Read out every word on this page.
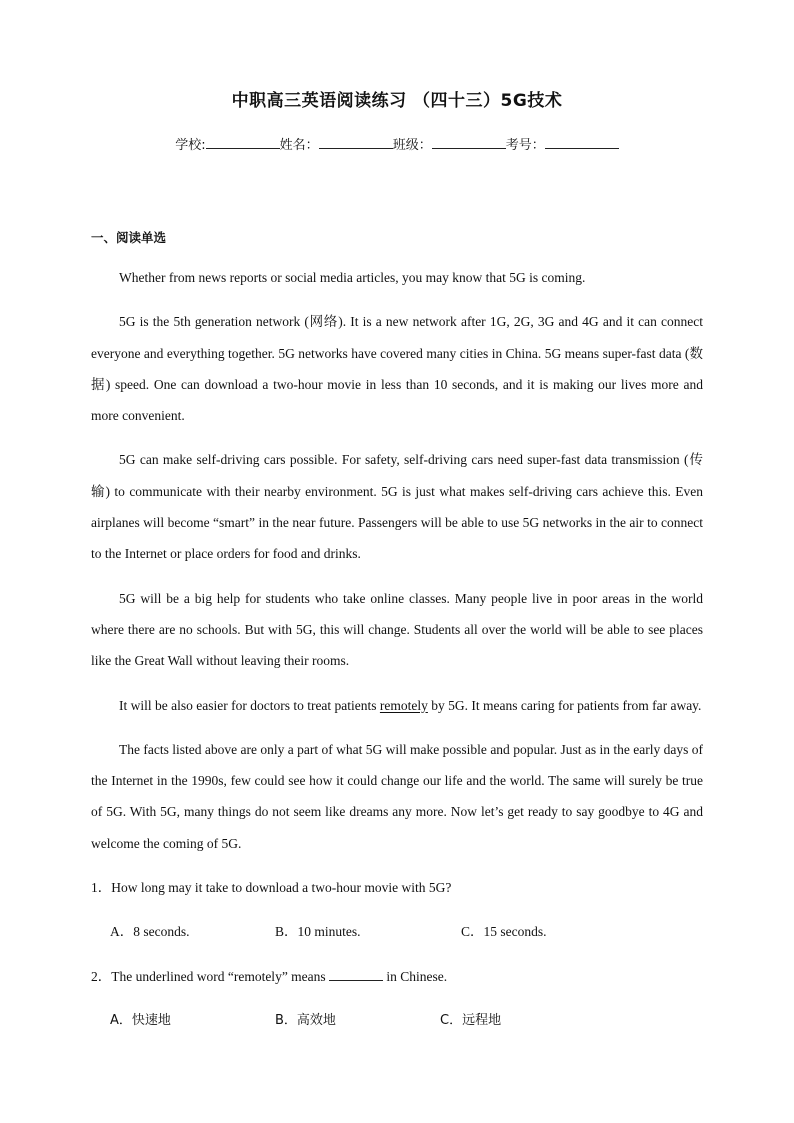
中职高三英语阅读练习 （四十三）5G技术
学校:	姓名：	班级：	考号：
一、阅读单选

Whether from news reports or social media articles, you may know that 5G is coming.

5G is the 5th generation network (网络). It is a new network after 1G, 2G, 3G and 4G and it can connect everyone and everything together. 5G networks have covered many cities in China. 5G means super-fast data (数据) speed. One can download a two-hour movie in less than 10 seconds, and it is making our lives more and more convenient.

5G can make self-driving cars possible. For safety, self-driving cars need super-fast data transmission (传输) to communicate with their nearby environment. 5G is just what makes self-driving cars achieve this. Even airplanes will become “smart” in the near future. Passengers will be able to use 5G networks in the air to connect to the Internet or place orders for food and drinks.

5G will be a big help for students who take online classes. Many people live in poor areas in the world where there are no schools. But with 5G, this will change. Students all over the world will be able to see places like the Great Wall without leaving their rooms.

It will be also easier for doctors to treat patients remotely by 5G. It means caring for patients from far away.

The facts listed above are only a part of what 5G will make possible and popular. Just as in the early days of the Internet in the 1990s, few could see how it could change our life and the world. The same will surely be true of 5G. With 5G, many things do not seem like dreams any more. Now let’s get ready to say goodbye to 4G and welcome the coming of 5G.

1．How long may it take to download a two-hour movie with 5G?
A．8 seconds.	B．10 minutes.	C．15 seconds.
2．The underlined word “remotely” means	in Chinese.
A．快速地	B．高效地	C．远程地
